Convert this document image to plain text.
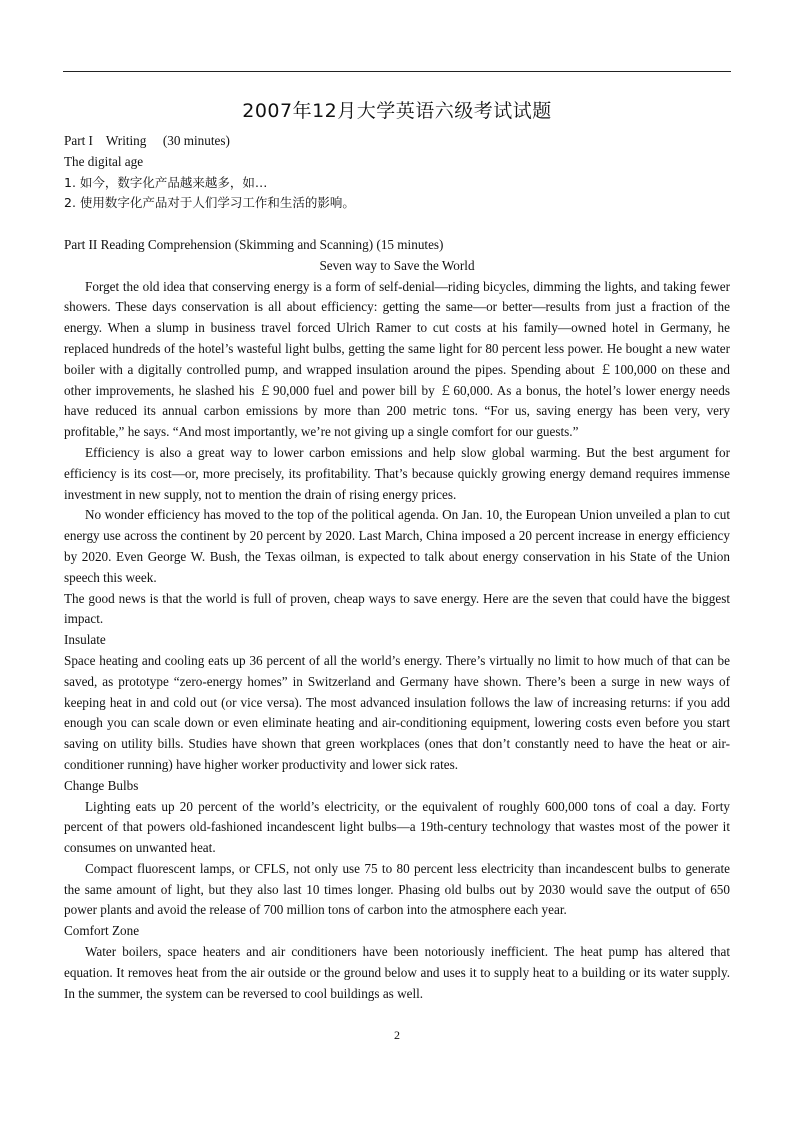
2007年12月大学英语六级考试试题

Part I    Writing     (30 minutes)

The digital age

1. 如今，数字化产品越来越多，如…

2. 使用数字化产品对于人们学习工作和生活的影响。

Part II Reading Comprehension (Skimming and Scanning) (15 minutes)

Seven way to Save the World

Forget the old idea that conserving energy is a form of self-denial—riding bicycles, dimming the lights, and taking fewer showers. These days conservation is all about efficiency: getting the same—or better—results from just a fraction of the energy. When a slump in business travel forced Ulrich Ramer to cut costs at his family—owned hotel in Germany, he replaced hundreds of the hotel’s wasteful light bulbs, getting the same light for 80 percent less power. He bought a new water boiler with a digitally controlled pump, and wrapped insulation around the pipes. Spending about ￡100,000 on these and other improvements, he slashed his ￡90,000 fuel and power bill by ￡60,000. As a bonus, the hotel’s lower energy needs have reduced its annual carbon emissions by more than 200 metric tons. “For us, saving energy has been very, very profitable,” he says. “And most importantly, we’re not giving up a single comfort for our guests.”

Efficiency is also a great way to lower carbon emissions and help slow global warming. But the best argument for efficiency is its cost—or, more precisely, its profitability. That’s because quickly growing energy demand requires immense investment in new supply, not to mention the drain of rising energy prices.

No wonder efficiency has moved to the top of the political agenda. On Jan. 10, the European Union unveiled a plan to cut energy use across the continent by 20 percent by 2020. Last March, China imposed a 20 percent increase in energy efficiency by 2020. Even George W. Bush, the Texas oilman, is expected to talk about energy conservation in his State of the Union speech this week.

The good news is that the world is full of proven, cheap ways to save energy. Here are the seven that could have the biggest impact.

Insulate

Space heating and cooling eats up 36 percent of all the world’s energy. There’s virtually no limit to how much of that can be saved, as prototype “zero-energy homes” in Switzerland and Germany have shown. There’s been a surge in new ways of keeping heat in and cold out (or vice versa). The most advanced insulation follows the law of increasing returns: if you add enough you can scale down or even eliminate heating and air-conditioning equipment, lowering costs even before you start saving on utility bills. Studies have shown that green workplaces (ones that don’t constantly need to have the heat or air-conditioner running) have higher worker productivity and lower sick rates.

Change Bulbs

Lighting eats up 20 percent of the world’s electricity, or the equivalent of roughly 600,000 tons of coal a day. Forty percent of that powers old-fashioned incandescent light bulbs—a 19th-century technology that wastes most of the power it consumes on unwanted heat.

Compact fluorescent lamps, or CFLS, not only use 75 to 80 percent less electricity than incandescent bulbs to generate the same amount of light, but they also last 10 times longer. Phasing old bulbs out by 2030 would save the output of 650 power plants and avoid the release of 700 million tons of carbon into the atmosphere each year.

Comfort Zone

Water boilers, space heaters and air conditioners have been notoriously inefficient. The heat pump has altered that equation. It removes heat from the air outside or the ground below and uses it to supply heat to a building or its water supply. In the summer, the system can be reversed to cool buildings as well.

2
